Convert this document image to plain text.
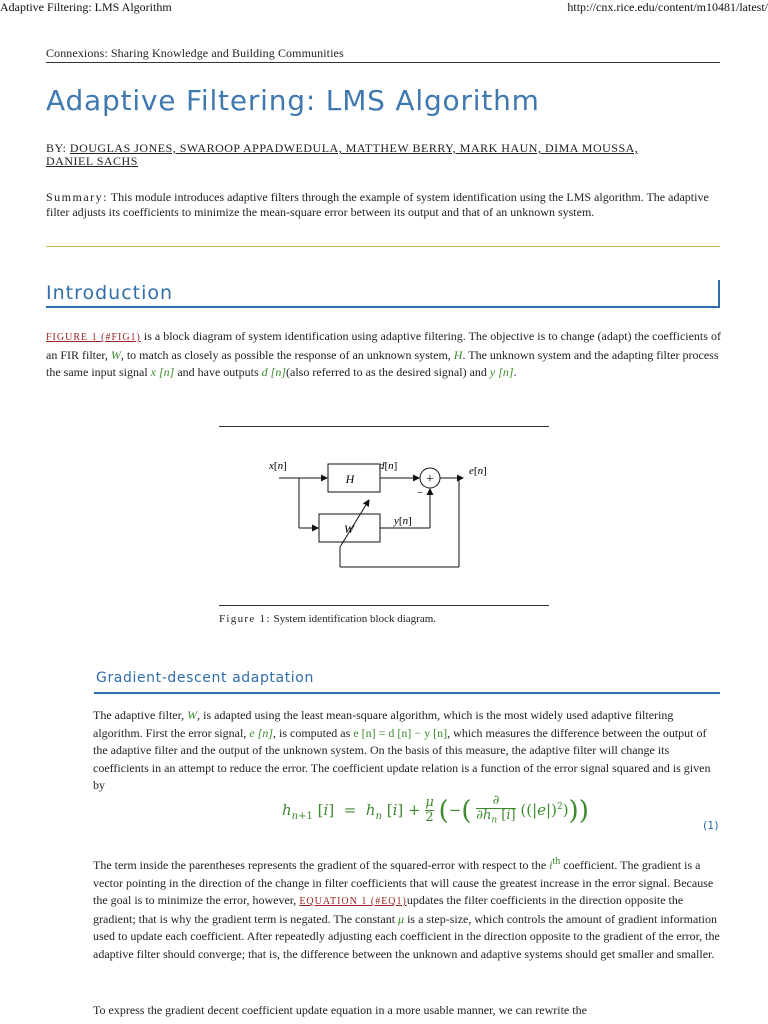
Adaptive Filtering: LMS Algorithm	http://cnx.rice.edu/content/m10481/latest/
Connexions: Sharing Knowledge and Building Communities
Adaptive Filtering: LMS Algorithm
BY: DOUGLAS JONES, SWAROOP APPADWEDULA, MATTHEW BERRY, MARK HAUN, DIMA MOUSSA, DANIEL SACHS
Summary: This module introduces adaptive filters through the example of system identification using the LMS algorithm. The adaptive filter adjusts its coefficients to minimize the mean-square error between its output and that of an unknown system.
Introduction
FIGURE 1 (#FIG1) is a block diagram of system identification using adaptive filtering. The objective is to change (adapt) the coefficients of an FIR filter, W, to match as closely as possible the response of an unknown system, H. The unknown system and the adapting filter process the same input signal x [n] and have outputs d [n](also referred to as the desired signal) and y [n].
+
−
H
W
x[n]	d[n]	e[n]
y[n]
Figure 1: System identification block diagram.
Gradient-descent adaptation
The adaptive filter, W, is adapted using the least mean-square algorithm, which is the most widely used adaptive filtering algorithm. First the error signal, e [n], is computed as e [n] = d [n] − y [n], which measures the difference between the output of the adaptive filter and the output of the unknown system. On the basis of this measure, the adaptive filter will change its coefficients in an attempt to reduce the error. The coefficient update relation is a function of the error signal squared and is given by
$h_{n+1}$ $[i] = h_n$ $[i] + \frac{\mu}{2}$ (−( ∂

$\partial h_n$ [i] $((|e|)^2)$))	(1)
The term inside the parentheses represents the gradient of the squared-error with respect to the $i^{th}$ coefficient. The gradient is a vector pointing in the direction of the change in filter coefficients that will cause the greatest increase in the error signal. Because the goal is to minimize the error, however, EQUATION 1 (#EQ1)updates the filter coefficients in the direction opposite the gradient; that is why the gradient term is negated. The constant μ is a step-size, which controls the amount of gradient information used to update each coefficient. After repeatedly adjusting each coefficient in the direction opposite to the gradient of the error, the adaptive filter should converge; that is, the difference between the unknown and adaptive systems should get smaller and smaller.
To express the gradient decent coefficient update equation in a more usable manner, we can rewrite the
